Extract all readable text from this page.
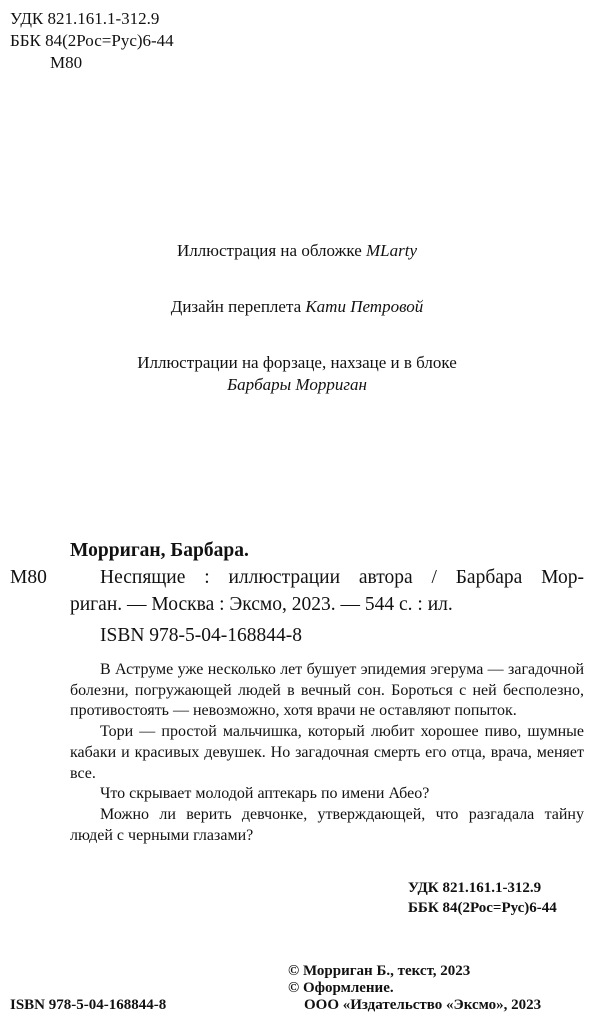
УДК 821.161.1-312.9
ББК 84(2Рос=Рус)6-44
М80
Иллюстрация на обложке MLarty
Дизайн переплета Кати Петровой
Иллюстрации на форзаце, нахзаце и в блоке
Барбары Морриган
Морриган, Барбара.
М80	Неспящие : иллюстрации автора / Барбара Мор-
риган. — Москва : Эксмо, 2023. — 544 с. : ил.
ISBN 978-5-04-168844-8

В Аструме уже несколько лет бушует эпидемия эгерума — загадочной болезни, погружающей людей в вечный сон. Бороться с ней бесполезно, противостоять — невозможно, хотя врачи не оставляют попыток.

Тори — простой мальчишка, который любит хорошее пиво, шумные кабаки и красивых девушек. Но загадочная смерть его отца, врача, меняет все.

Что скрывает молодой аптекарь по имени Абео?

Можно ли верить девчонке, утверждающей, что разгадала тайну людей с черными глазами?

УДК 821.161.1-312.9
ББК 84(2Рос=Рус)6-44
ISBN 978-5-04-168844-8
© Морриган Б., текст, 2023
© Оформление.
ООО «Издательство «Эксмо», 2023
